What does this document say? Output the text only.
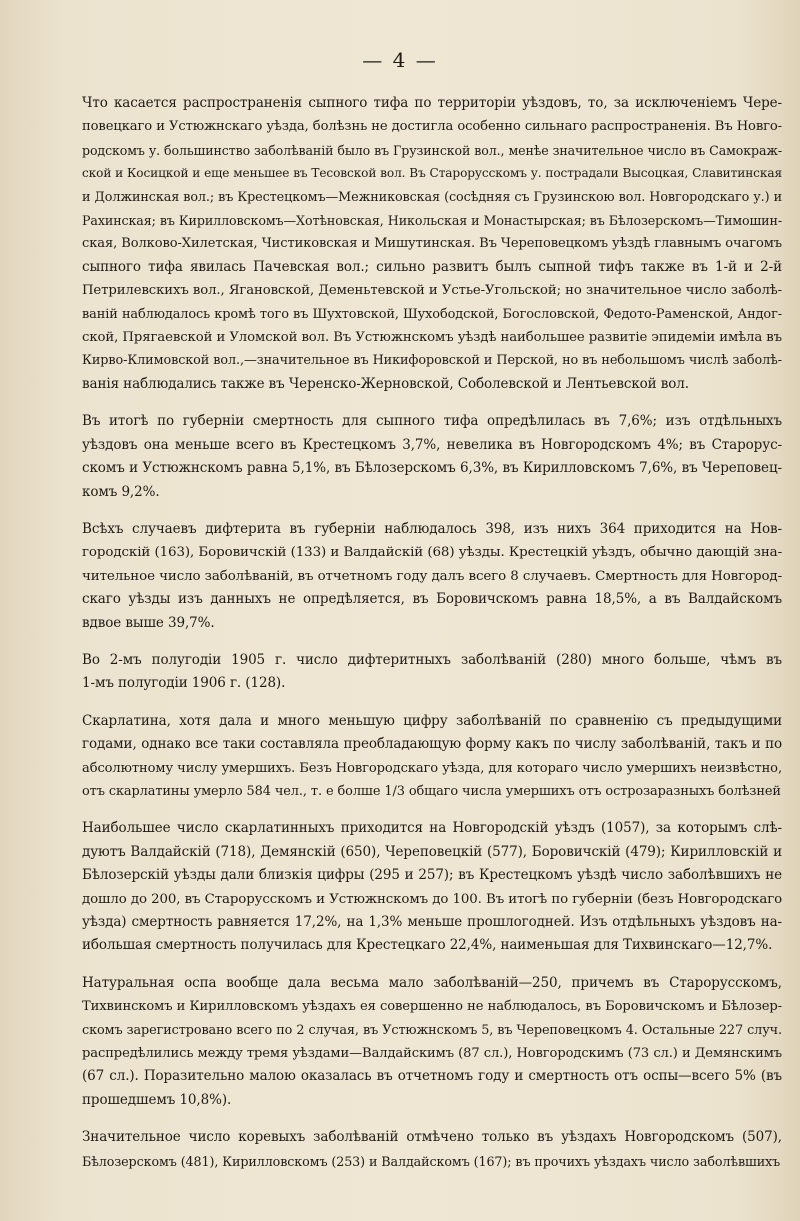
— 4 —
Что касается распространенія сыпного тифа по территоріи уѣздовъ, то, за исключеніемъ Чере-
повецкаго и Устюжнскаго уѣзда, болѣзнь не достигла особенно сильнаго распространенія. Въ Новго-
родскомъ у. большинство заболѣваній было въ Грузинской вол., менѣе значительное число въ Самокраж-
ской и Косицкой и еще меньшее въ Тесовской вол. Въ Старорусскомъ у. пострадали Высоцкая, Славитинская
и Должинская вол.; въ Крестецкомъ—Межниковская (сосѣдняя съ Грузинскою вол. Новгородскаго у.) и
Рахинская; въ Кирилловскомъ—Хотѣновская, Никольская и Монастырская; въ Бѣлозерскомъ—Тимошин-
ская, Волково-Хилетская, Чистиковская и Мишутинская. Въ Череповецкомъ уѣздѣ главнымъ очагомъ
сыпного тифа явилась Пачевская вол.; сильно развитъ былъ сыпной тифъ также въ 1-й и 2-й
Петрилевскихъ вол., Ягановской, Деменьтевской и Устье-Угольской; но значительное число заболѣ-
ваній наблюдалось кромѣ того въ Шухтовской, Шухободской, Богословской, Федото-Раменской, Андог-
ской, Прягаевской и Уломской вол. Въ Устюжнскомъ уѣздѣ наибольшее развитіе эпидеміи имѣла въ
Кирво-Климовской вол.,—значительное въ Никифоровской и Перской, но въ небольшомъ числѣ заболѣ-
ванія наблюдались также въ Черенско-Жерновской, Соболевской и Лентьевской вол.
Въ итогѣ по губерніи смертность для сыпного тифа опредѣлилась въ 7,6%; изъ отдѣльныхъ
уѣздовъ она меньше всего въ Крестецкомъ 3,7%, невелика въ Новгородскомъ 4%; въ Старорус-
скомъ и Устюжнскомъ равна 5,1%, въ Бѣлозерскомъ 6,3%, въ Кирилловскомъ 7,6%, въ Череповец-
комъ 9,2%.
Всѣхъ случаевъ дифтерита въ губерніи наблюдалось 398, изъ нихъ 364 приходится на Нов-
городскій (163), Боровичскій (133) и Валдайскій (68) уѣзды. Крестецкій уѣздъ, обычно дающій зна-
чительное число заболѣваній, въ отчетномъ году далъ всего 8 случаевъ. Смертность для Новгород-
скаго уѣзды изъ данныхъ не опредѣляется, въ Боровичскомъ равна 18,5%, а въ Валдайскомъ
вдвое выше 39,7%.
Во 2-мъ полугодіи 1905 г. число дифтеритныхъ заболѣваній (280) много больше, чѣмъ въ
1-мъ полугодіи 1906 г. (128).
Скарлатина, хотя дала и много меньшую цифру заболѣваній по сравненію съ предыдущими
годами, однако все таки составляла преобладающую форму какъ по числу заболѣваній, такъ и по
абсолютному числу умершихъ. Безъ Новгородскаго уѣзда, для котораго число умершихъ неизвѣстно,
отъ скарлатины умерло 584 чел., т. е болше 1/3 общаго числа умершихъ отъ острозаразныхъ болѣзней
Наибольшее число скарлатинныхъ приходится на Новгородскій уѣздъ (1057), за которымъ слѣ-
дуютъ Валдайскій (718), Демянскій (650), Череповецкій (577), Боровичскій (479); Кирилловскій и
Бѣлозерскій уѣзды дали близкія цифры (295 и 257); въ Крестецкомъ уѣздѣ число заболѣвшихъ не
дошло до 200, въ Старорусскомъ и Устюжнскомъ до 100. Въ итогѣ по губерніи (безъ Новгородскаго
уѣзда) смертность равняется 17,2%, на 1,3% меньше прошлогодней. Изъ отдѣльныхъ уѣздовъ на-
ибольшая смертность получилась для Крестецкаго 22,4%, наименьшая для Тихвинскаго—12,7%.
Натуральная оспа вообще дала весьма мало заболѣваній—250, причемъ въ Старорусскомъ,
Тихвинскомъ и Кирилловскомъ уѣздахъ ея совершенно не наблюдалось, въ Боровичскомъ и Бѣлозер-
скомъ зарегистровано всего по 2 случая, въ Устюжнскомъ 5, въ Череповецкомъ 4. Остальные 227 случ.
распредѣлились между тремя уѣздами—Валдайскимъ (87 сл.), Новгородскимъ (73 сл.) и Демянскимъ
(67 сл.). Поразительно малою оказалась въ отчетномъ году и смертность отъ оспы—всего 5% (въ
прошедшемъ 10,8%).
Значительное число коревыхъ заболѣваній отмѣчено только въ уѣздахъ Новгородскомъ (507),
Бѣлозерскомъ (481), Кирилловскомъ (253) и Валдайскомъ (167); въ прочихъ уѣздахъ число заболѣвшихъ
